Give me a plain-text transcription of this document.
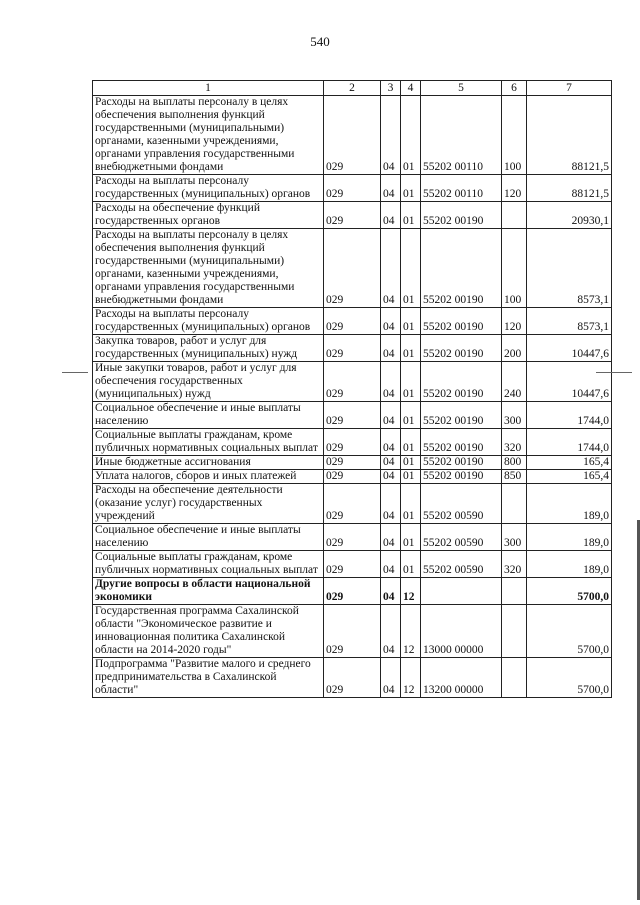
540
1	2	3	4	5	6	7
Расходы на выплаты персоналу в целях обеспечения выполнения функций государственными (муниципальными) органами, казенными учреждениями, органами управления государственными внебюджетными фондами	029	04	01	55202 00110	100	88121,5
Расходы на выплаты персоналу государственных (муниципальных) органов	029	04	01	55202 00110	120	88121,5
Расходы на обеспечение функций государственных органов	029	04	01	55202 00190		20930,1
Расходы на выплаты персоналу в целях обеспечения выполнения функций государственными (муниципальными) органами, казенными учреждениями, органами управления государственными внебюджетными фондами	029	04	01	55202 00190	100	8573,1
Расходы на выплаты персоналу государственных (муниципальных) органов	029	04	01	55202 00190	120	8573,1
Закупка товаров, работ и услуг для государственных (муниципальных) нужд	029	04	01	55202 00190	200	10447,6
Иные закупки товаров, работ и услуг для обеспечения государственных (муниципальных) нужд	029	04	01	55202 00190	240	10447,6
Социальное обеспечение и иные выплаты населению	029	04	01	55202 00190	300	1744,0
Социальные выплаты гражданам, кроме публичных нормативных социальных выплат	029	04	01	55202 00190	320	1744,0
Иные бюджетные ассигнования	029	04	01	55202 00190	800	165,4
Уплата налогов, сборов и иных платежей	029	04	01	55202 00190	850	165,4
Расходы на обеспечение деятельности (оказание услуг) государственных учреждений	029	04	01	55202 00590		189,0
Социальное обеспечение и иные выплаты населению	029	04	01	55202 00590	300	189,0
Социальные выплаты гражданам, кроме публичных нормативных социальных выплат	029	04	01	55202 00590	320	189,0
Другие вопросы в области национальной экономики	029	04	12			5700,0
Государственная программа Сахалинской области "Экономическое развитие и инновационная политика Сахалинской области на 2014-2020 годы"	029	04	12	13000 00000		5700,0
Подпрограмма "Развитие малого и среднего предпринимательства в Сахалинской области"	029	04	12	13200 00000		5700,0
